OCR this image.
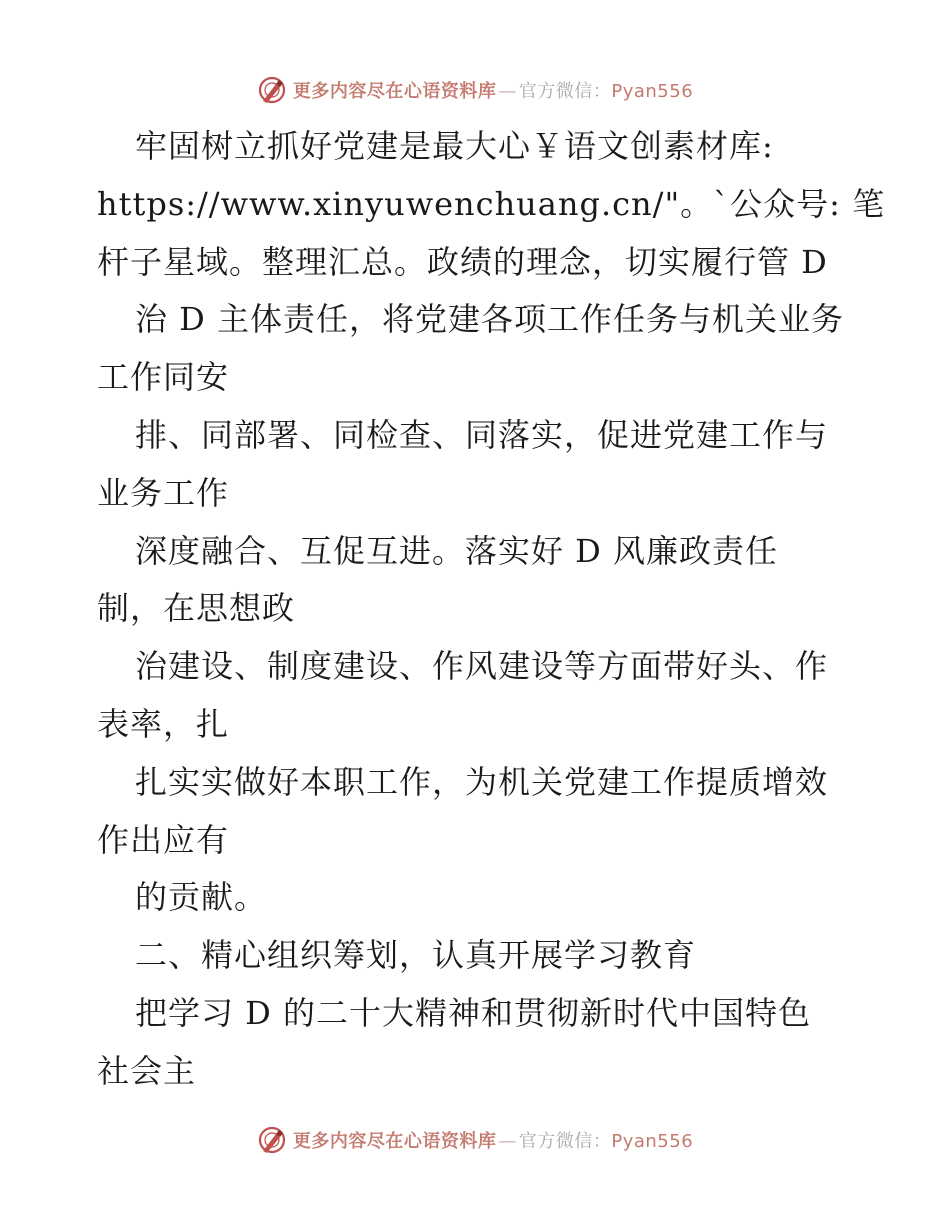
更多内容尽在心语资料库 — 官方微信：Pyan556
牢固树立抓好党建是最大心￥语文创素材库:
https://www.xinyuwenchuang.cn/"。`公众号: 笔
杆子星域。整理汇总。政绩的理念，切实履行管 D
治 D 主体责任，将党建各项工作任务与机关业务
工作同安
排、同部署、同检查、同落实，促进党建工作与
业务工作
深度融合、互促互进。落实好 D 风廉政责任
制，在思想政
治建设、制度建设、作风建设等方面带好头、作
表率，扎
扎实实做好本职工作，为机关党建工作提质增效
作出应有
的贡献。
二、精心组织筹划，认真开展学习教育
把学习 D 的二十大精神和贯彻新时代中国特色
社会主
更多内容尽在心语资料库 — 官方微信：Pyan556
